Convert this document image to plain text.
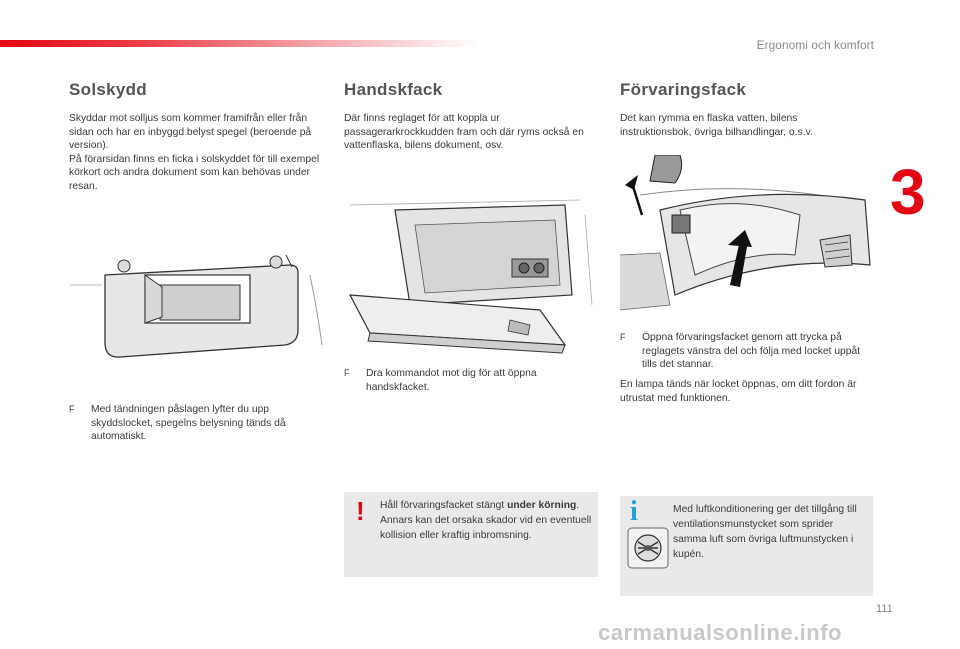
Ergonomi och komfort
3
Solskydd

Skyddar mot solljus som kommer framifrån eller från sidan och har en inbyggd belyst spegel (beroende på version).
På förarsidan finns en ficka i solskyddet för till exempel körkort och andra dokument som kan behövas under resan.

F	Med tändningen påslagen lyfter du upp skyddslocket, spegelns belysning tänds då automatiskt.
Handskfack

Där finns reglaget för att koppla ur passagerarkrockkudden fram och där ryms också en vattenflaska, bilens dokument, osv.

F	Dra kommandot mot dig för att öppna handskfacket.
! Håll förvaringsfacket stängt under körning. Annars kan det orsaka skador vid en eventuell kollision eller kraftig inbromsning.
Förvaringsfack

Det kan rymma en flaska vatten, bilens instruktionsbok, övriga bilhandlingar, o.s.v.

F	Öppna förvaringsfacket genom att trycka på reglagets vänstra del och följa med locket uppåt tills det stannar.

En lampa tänds när locket öppnas, om ditt fordon är utrustat med funktionen.

i	Med luftkonditionering ger det tillgång till ventilationsmunstycket som sprider samma luft som övriga luftmunstycken i kupén.
111
carmanualsonline.info
